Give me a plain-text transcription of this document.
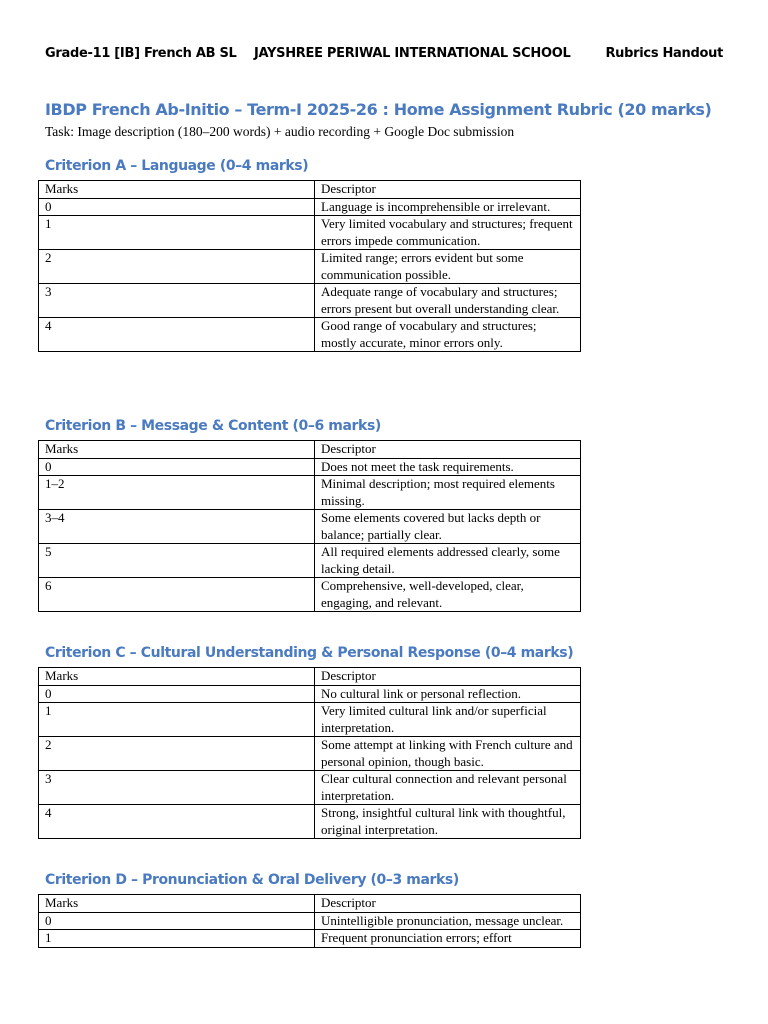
Grade-11 [IB] French AB SL JAYSHREE PERIWAL INTERNATIONAL SCHOOL	Rubrics Handout
IBDP French Ab-Initio – Term-I 2025-26 : Home Assignment Rubric (20 marks)
Task: Image description (180–200 words) + audio recording + Google Doc submission
Criterion A – Language (0–4 marks)
Marks	Descriptor
0	Language is incomprehensible or irrelevant.
1	Very limited vocabulary and structures; frequent errors impede communication.
2	Limited range; errors evident but some communication possible.
3	Adequate range of vocabulary and structures; errors present but overall understanding clear.
4	Good range of vocabulary and structures; mostly accurate, minor errors only.
Criterion B – Message & Content (0–6 marks)
Marks	Descriptor
0	Does not meet the task requirements.
1–2	Minimal description; most required elements missing.
3–4	Some elements covered but lacks depth or balance; partially clear.
5	All required elements addressed clearly, some lacking detail.
6	Comprehensive, well-developed, clear, engaging, and relevant.
Criterion C – Cultural Understanding & Personal Response (0–4 marks)
Marks	Descriptor
0	No cultural link or personal reflection.
1	Very limited cultural link and/or superficial interpretation.
2	Some attempt at linking with French culture and personal opinion, though basic.
3	Clear cultural connection and relevant personal interpretation.
4	Strong, insightful cultural link with thoughtful, original interpretation.
Criterion D – Pronunciation & Oral Delivery (0–3 marks)
Marks	Descriptor
0	Unintelligible pronunciation, message unclear.
1	Frequent pronunciation errors; effort
